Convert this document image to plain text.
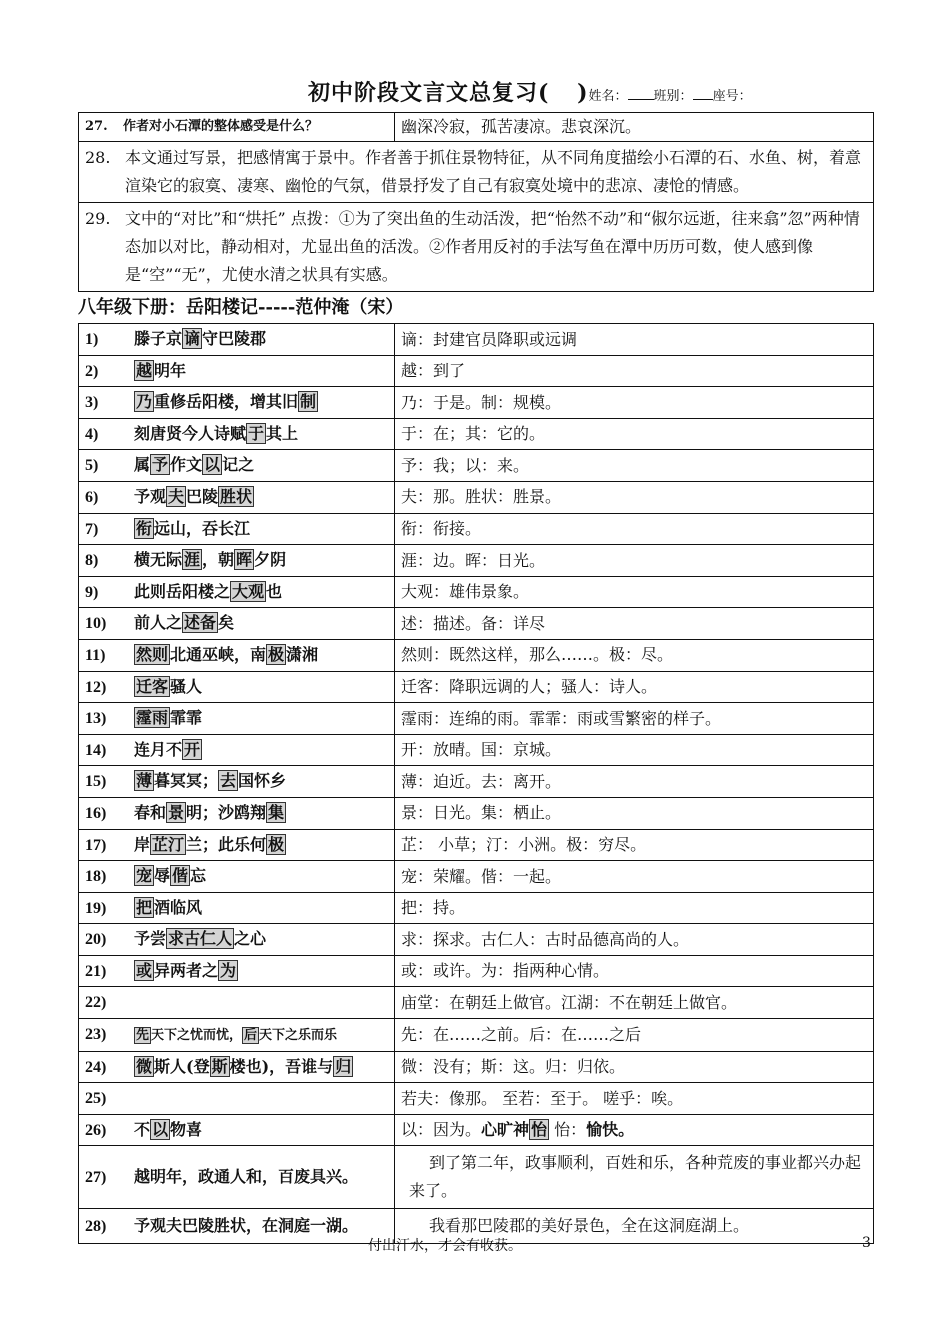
初中阶段文言文总复习( )姓名： 班别： 座号：
27. 作者对小石潭的整体感受是什么？	幽深冷寂，孤苦凄凉。悲哀深沉。

28. 本文通过写景，把感情寓于景中。作者善于抓住景物特征，从不同角度描绘小石潭的石、水鱼、树，着意渲染它的寂寞、凄寒、幽怆的气氛，借景抒发了自己有寂寞处境中的悲凉、凄怆的情感。

29. 文中的“对比”和“烘托” 点拨：①为了突出鱼的生动活泼，把“怡然不动”和“俶尔远逝，往来翕”忽”两种情态加以对比，静动相对，尤显出鱼的活泼。②作者用反衬的手法写鱼在潭中历历可数，使人感到像是“空”“无”，尤使水清之状具有实感。
八年级下册：岳阳楼记-----范仲淹（宋）
1) 滕子京 谪 守巴陵郡	谪：封建官员降职或远调
2) 越 明年	越：到了
3) 乃 重修岳阳楼，增其旧 制	乃：于是。制：规模。
4) 刻唐贤今人诗赋 于 其上	于：在；其：它的。
5) 属 予 作文 以 记之	予：我；以：来。
6) 予观 夫 巴陵 胜状	夫：那。胜状：胜景。
7) 衔 远山，吞长江	衔：衔接。
8) 横无际 涯 ，朝 晖 夕阴	涯：边。晖：日光。
9) 此则岳阳楼之 大观 也	大观：雄伟景象。
10) 前人之 述备 矣	述：描述。备：详尽
11) 然则 北通巫峡，南 极 潇湘	然则：既然这样，那么……。极：尽。
12) 迁客 骚人	迁客：降职远调的人；骚人：诗人。
13) 霪雨 霏霏	霪雨：连绵的雨。霏霏：雨或雪繁密的样子。
14) 连月不 开	开：放晴。国：京城。
15) 薄 暮冥冥； 去 国怀乡	薄：迫近。去：离开。
16) 春和 景 明；沙鸥翔 集	景：日光。集：栖止。
17) 岸 芷汀 兰；此乐何 极	芷： 小草；汀：小洲。极：穷尽。
18) 宠 辱 偕 忘	宠：荣耀。偕：一起。
19) 把 酒临风	把：持。
20) 予尝 求古仁人 之心	求：探求。古仁人：古时品德高尚的人。
21) 或 异两者之 为	或：或许。为：指两种心情。
22)	庙堂：在朝廷上做官。江湖：不在朝廷上做官。
23) 先 天下之忧而忧， 后 天下之乐而乐	先：在……之前。后：在……之后
24) 微 斯人(登 斯 楼也)，吾谁与 归	微：没有；斯：这。归：归依。
25)	若夫：像那。 至若：至于。 嗟乎：唉。
26) 不 以 物喜	以：因为。心旷神 怡 怡：愉快。
27) 越明年，政通人和，百废具兴。	到了第二年，政事顺利，百姓和乐，各种荒废的事业都兴办起来了。
28) 予观夫巴陵胜状，在洞庭一湖。	我看那巴陵郡的美好景色，全在这洞庭湖上。
付出汗水，才会有收获。	3
